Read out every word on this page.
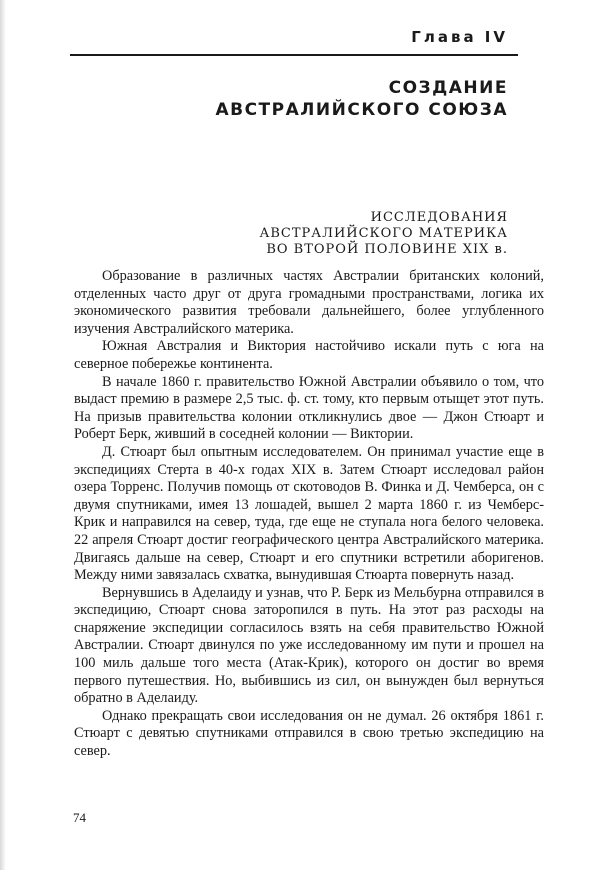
Глава IV
СОЗДАНИЕ
АВСТРАЛИЙСКОГО СОЮЗА
ИССЛЕДОВАНИЯ
АВСТРАЛИЙСКОГО МАТЕРИКА
ВО ВТОРОЙ ПОЛОВИНЕ XIX в.

Образование в различных частях Австралии британских колоний, отделенных часто друг от друга громадными пространствами, логика их экономического развития требовали дальнейшего, более углубленного изучения Австралийского материка.

Южная Австралия и Виктория настойчиво искали путь с юга на северное побережье континента.

В начале 1860 г. правительство Южной Австралии объявило о том, что выдаст премию в размере 2,5 тыс. ф. ст. тому, кто первым отыщет этот путь. На призыв правительства колонии откликнулись двое — Джон Стюарт и Роберт Берк, живший в соседней колонии — Виктории.

Д. Стюарт был опытным исследователем. Он принимал участие еще в экспедициях Стерта в 40-х годах XIX в. Затем Стюарт исследовал район озера Торренс. Получив помощь от скотоводов В. Финка и Д. Чемберса, он с двумя спутниками, имея 13 лошадей, вышел 2 марта 1860 г. из Чемберс-Крик и направился на север, туда, где еще не ступала нога белого человека. 22 апреля Стюарт достиг географического центра Австралийского материка. Двигаясь дальше на север, Стюарт и его спутники встретили аборигенов. Между ними завязалась схватка, вынудившая Стюарта повернуть назад.

Вернувшись в Аделаиду и узнав, что Р. Берк из Мельбурна отправился в экспедицию, Стюарт снова заторопился в путь. На этот раз расходы на снаряжение экспедиции согласилось взять на себя правительство Южной Австралии. Стюарт двинулся по уже исследованному им пути и прошел на 100 миль дальше того места (Атак-Крик), которого он достиг во время первого путешествия. Но, выбившись из сил, он вынужден был вернуться обратно в Аделаиду.

Однако прекращать свои исследования он не думал. 26 октября 1861 г. Стюарт с девятью спутниками отправился в свою третью экспедицию на север.

74
